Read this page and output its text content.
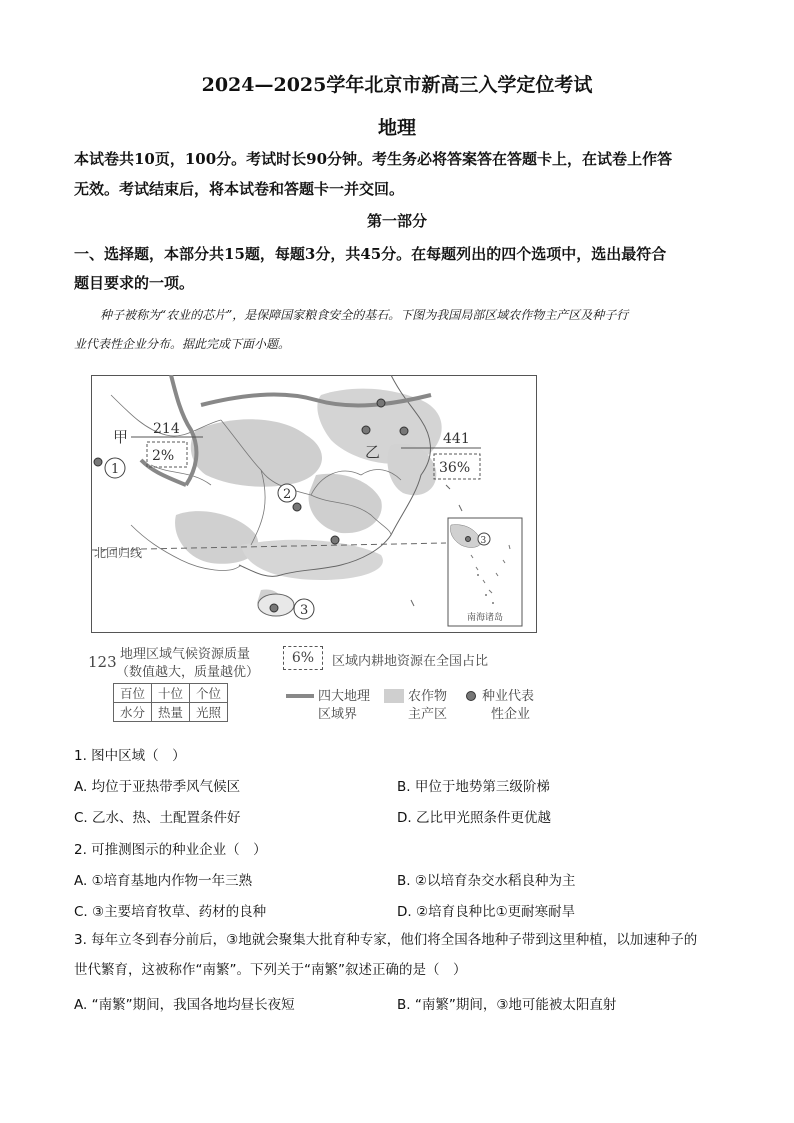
2024—2025学年北京市新高三入学定位考试
地理
本试卷共10页，100分。考试时长90分钟。考生务必将答案答在答题卡上，在试卷上作答
无效。考试结束后，将本试卷和答题卡一并交回。
第一部分
一、选择题，本部分共15题，每题3分，共45分。在每题列出的四个选项中，选出最符合
题目要求的一项。
种子被称为“农业的芯片”，是保障国家粮食安全的基石。下图为我国局部区域农作物主产区及种子行
业代表性企业分布。据此完成下面小题。
北回归线
甲 214
2%	乙
441
36%
1
2
3
3
南海诸岛
123 地理区域气候资源质量
（数值越大，质量越优）
6%	区域内耕地资源在全国占比
百位	十位	个位
水分	热量	光照
四大地理
区域界
农作物
主产区
种业代表
性企业
1. 图中区域（　）
A. 均位于亚热带季风气候区	B. 甲位于地势第三级阶梯
C. 乙水、热、土配置条件好	D. 乙比甲光照条件更优越
2. 可推测图示的种业企业（　）
A. ①培育基地内作物一年三熟	B. ②以培育杂交水稻良种为主
C. ③主要培育牧草、药材的良种	D. ②培育良种比①更耐寒耐旱
3. 每年立冬到春分前后，③地就会聚集大批育种专家，他们将全国各地种子带到这里种植，以加速种子的
世代繁育，这被称作“南繁”。下列关于“南繁”叙述正确的是（　）
A. “南繁”期间，我国各地均昼长夜短	B. “南繁”期间，③地可能被太阳直射
